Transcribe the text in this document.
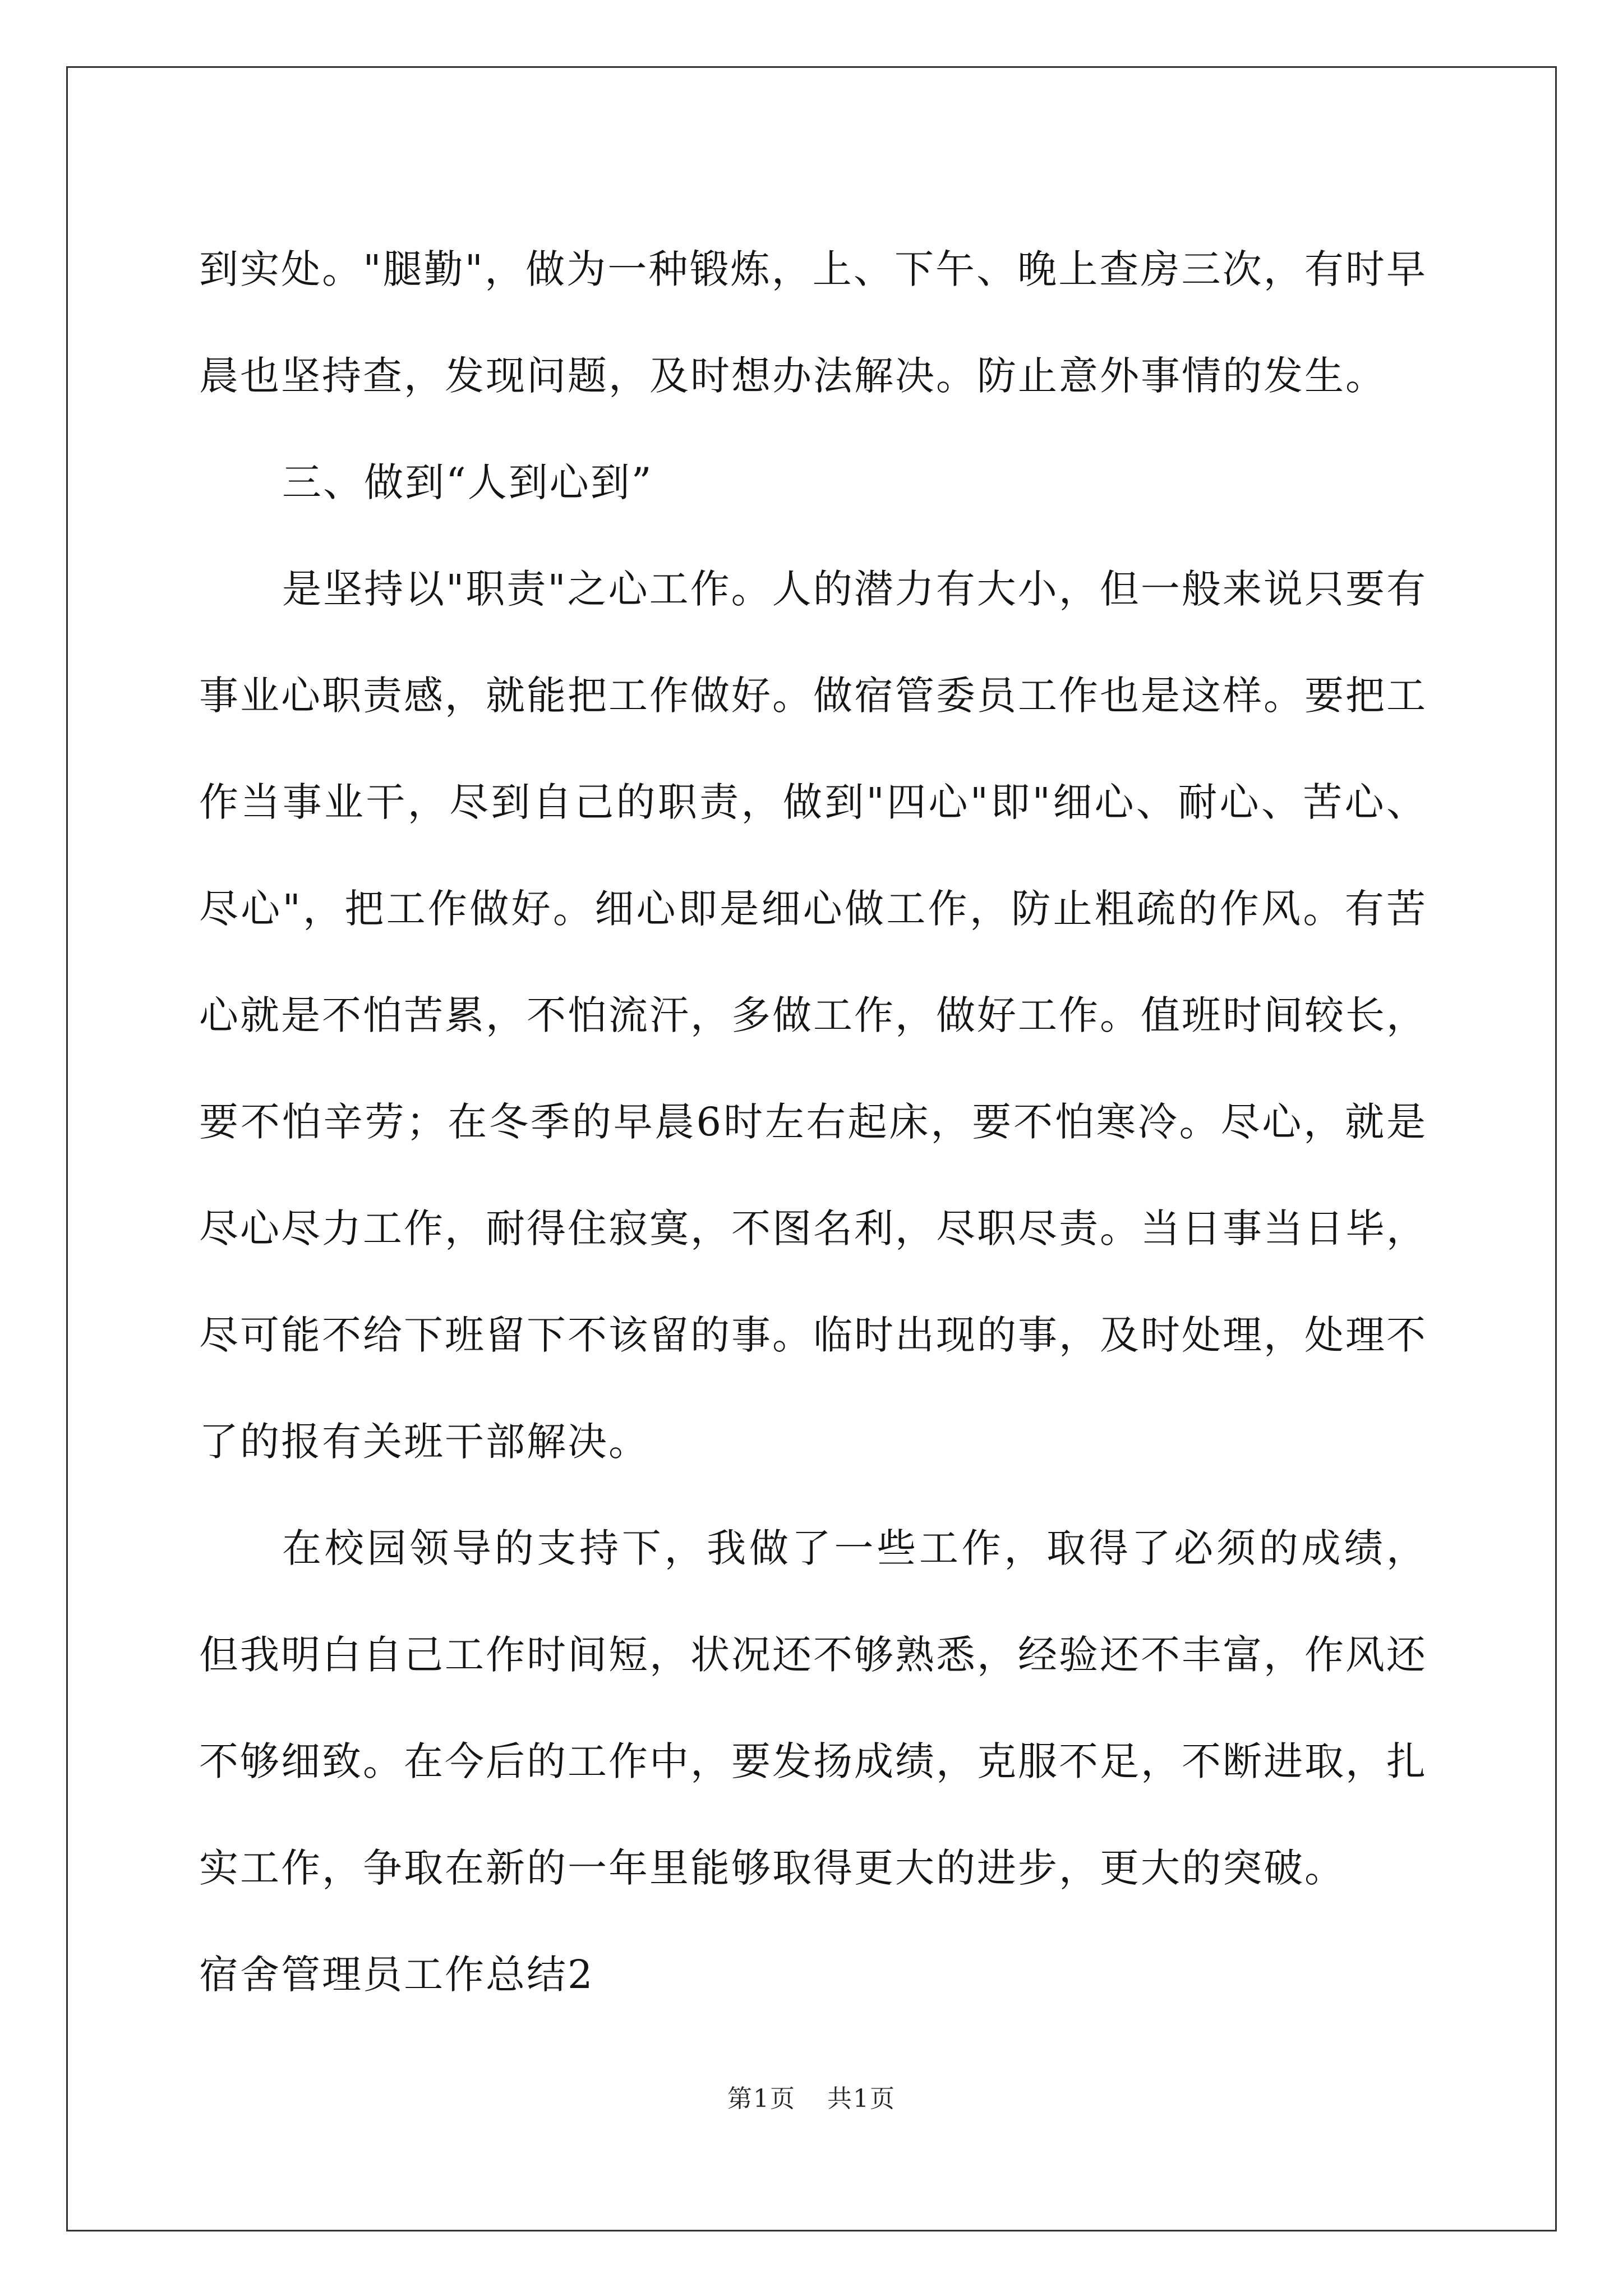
到实处。"腿勤"，做为一种锻炼，上、下午、晚上查房三次，有时早晨也坚持查，发现问题，及时想办法解决。防止意外事情的发生。

三、做到“人到心到”

是坚持以"职责"之心工作。人的潜力有大小，但一般来说只要有事业心职责感，就能把工作做好。做宿管委员工作也是这样。要把工作当事业干，尽到自己的职责，做到"四心"即"细心、耐心、苦心、尽心"，把工作做好。细心即是细心做工作，防止粗疏的作风。有苦心就是不怕苦累，不怕流汗，多做工作，做好工作。值班时间较长，要不怕辛劳；在冬季的早晨6时左右起床，要不怕寒冷。尽心，就是尽心尽力工作，耐得住寂寞，不图名利，尽职尽责。当日事当日毕，尽可能不给下班留下不该留的事。临时出现的事，及时处理，处理不了的报有关班干部解决。

在校园领导的支持下，我做了一些工作，取得了必须的成绩，但我明白自己工作时间短，状况还不够熟悉，经验还不丰富，作风还不够细致。在今后的工作中，要发扬成绩，克服不足，不断进取，扎实工作，争取在新的一年里能够取得更大的进步，更大的突破。

宿舍管理员工作总结2

第1页 共1页
